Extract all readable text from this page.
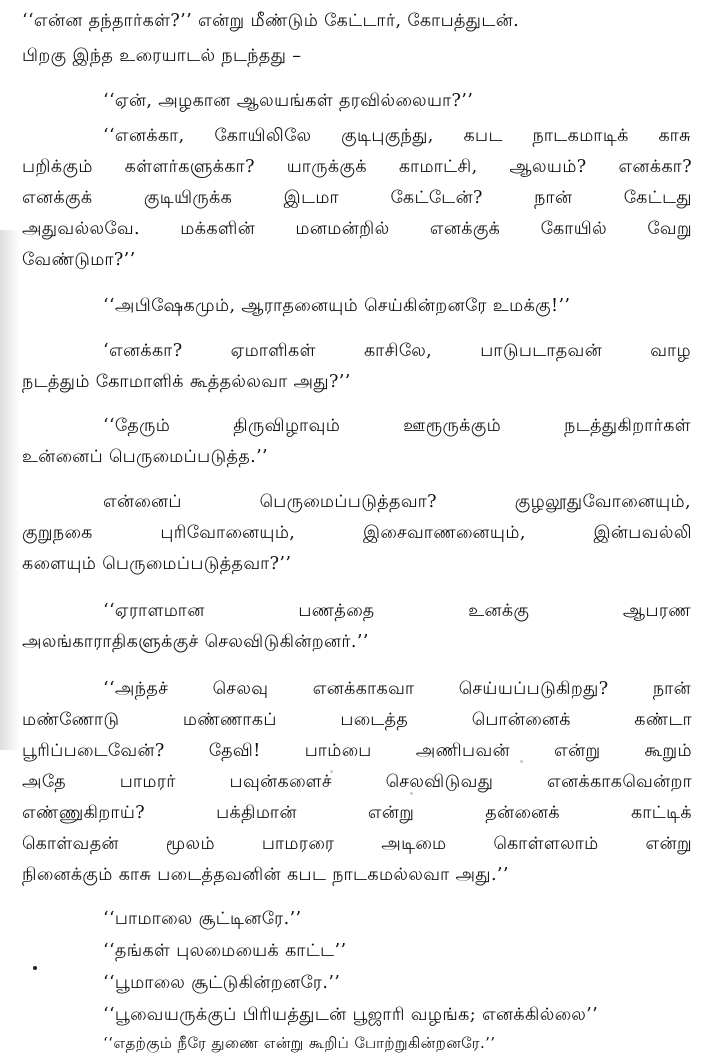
‘‘என்ன தந்தார்கள்?’’ என்று மீண்டும் கேட்டார், கோபத்துடன்.
பிறகு இந்த உரையாடல் நடந்தது –
‘‘ஏன், அழகான ஆலயங்கள் தரவில்லையா?’’
‘‘எனக்கா, கோயிலிலே குடிபுகுந்து, கபட நாடகமாடிக் காசு
பறிக்கும் கள்ளர்களுக்கா? யாருக்குக் காமாட்சி, ஆலயம்? எனக்கா?
எனக்குக் குடியிருக்க இடமா கேட்டேன்? நான் கேட்டது
அதுவல்லவே. மக்களின் மனமன்றில் எனக்குக் கோயில் வேறு
வேண்டுமா?’’
‘‘அபிஷேகமும், ஆராதனையும் செய்கின்றனரே உமக்கு!’’
‘எனக்கா? ஏமாளிகள் காசிலே, பாடுபடாதவன் வாழ
நடத்தும் கோமாளிக் கூத்தல்லவா அது?’’
‘‘தேரும் திருவிழாவும் ஊரூருக்கும் நடத்துகிறார்கள்
உன்னைப் பெருமைப்படுத்த.’’
என்னைப் பெருமைப்படுத்தவா? குழலூதுவோனையும்,
குறுநகை புரிவோனையும், இசைவாணனையும், இன்பவல்லி
களையும் பெருமைப்படுத்தவா?’’
‘‘ஏராளமான பணத்தை உனக்கு ஆபரண
அலங்காராதிகளுக்குச் செலவிடுகின்றனர்.’’
‘‘அந்தச் செலவு எனக்காகவா செய்யப்படுகிறது? நான்
மண்ணோடு மண்ணாகப் படைத்த பொன்னைக் கண்டா
பூரிப்படைவேன்? தேவி! பாம்பை அணிபவன் என்று கூறும்
அதே பாமரர் பவுன்களைச் செலவிடுவது எனக்காகவென்றா
எண்ணுகிறாய்? பக்திமான் என்று தன்னைக் காட்டிக்
கொள்வதன் மூலம் பாமரரை அடிமை கொள்ளலாம் என்று
நினைக்கும் காசு படைத்தவனின் கபட நாடகமல்லவா அது.’’
‘‘பாமாலை சூட்டினரே.’’
‘‘தங்கள் புலமையைக் காட்ட’’
‘‘பூமாலை சூட்டுகின்றனரே.’’
‘‘பூவையருக்குப் பிரியத்துடன் பூஜாரி வழங்க; எனக்கில்லை’’
‘‘எதற்கும் நீரே துணை என்று கூறிப் போற்றுகின்றனரே.’’
